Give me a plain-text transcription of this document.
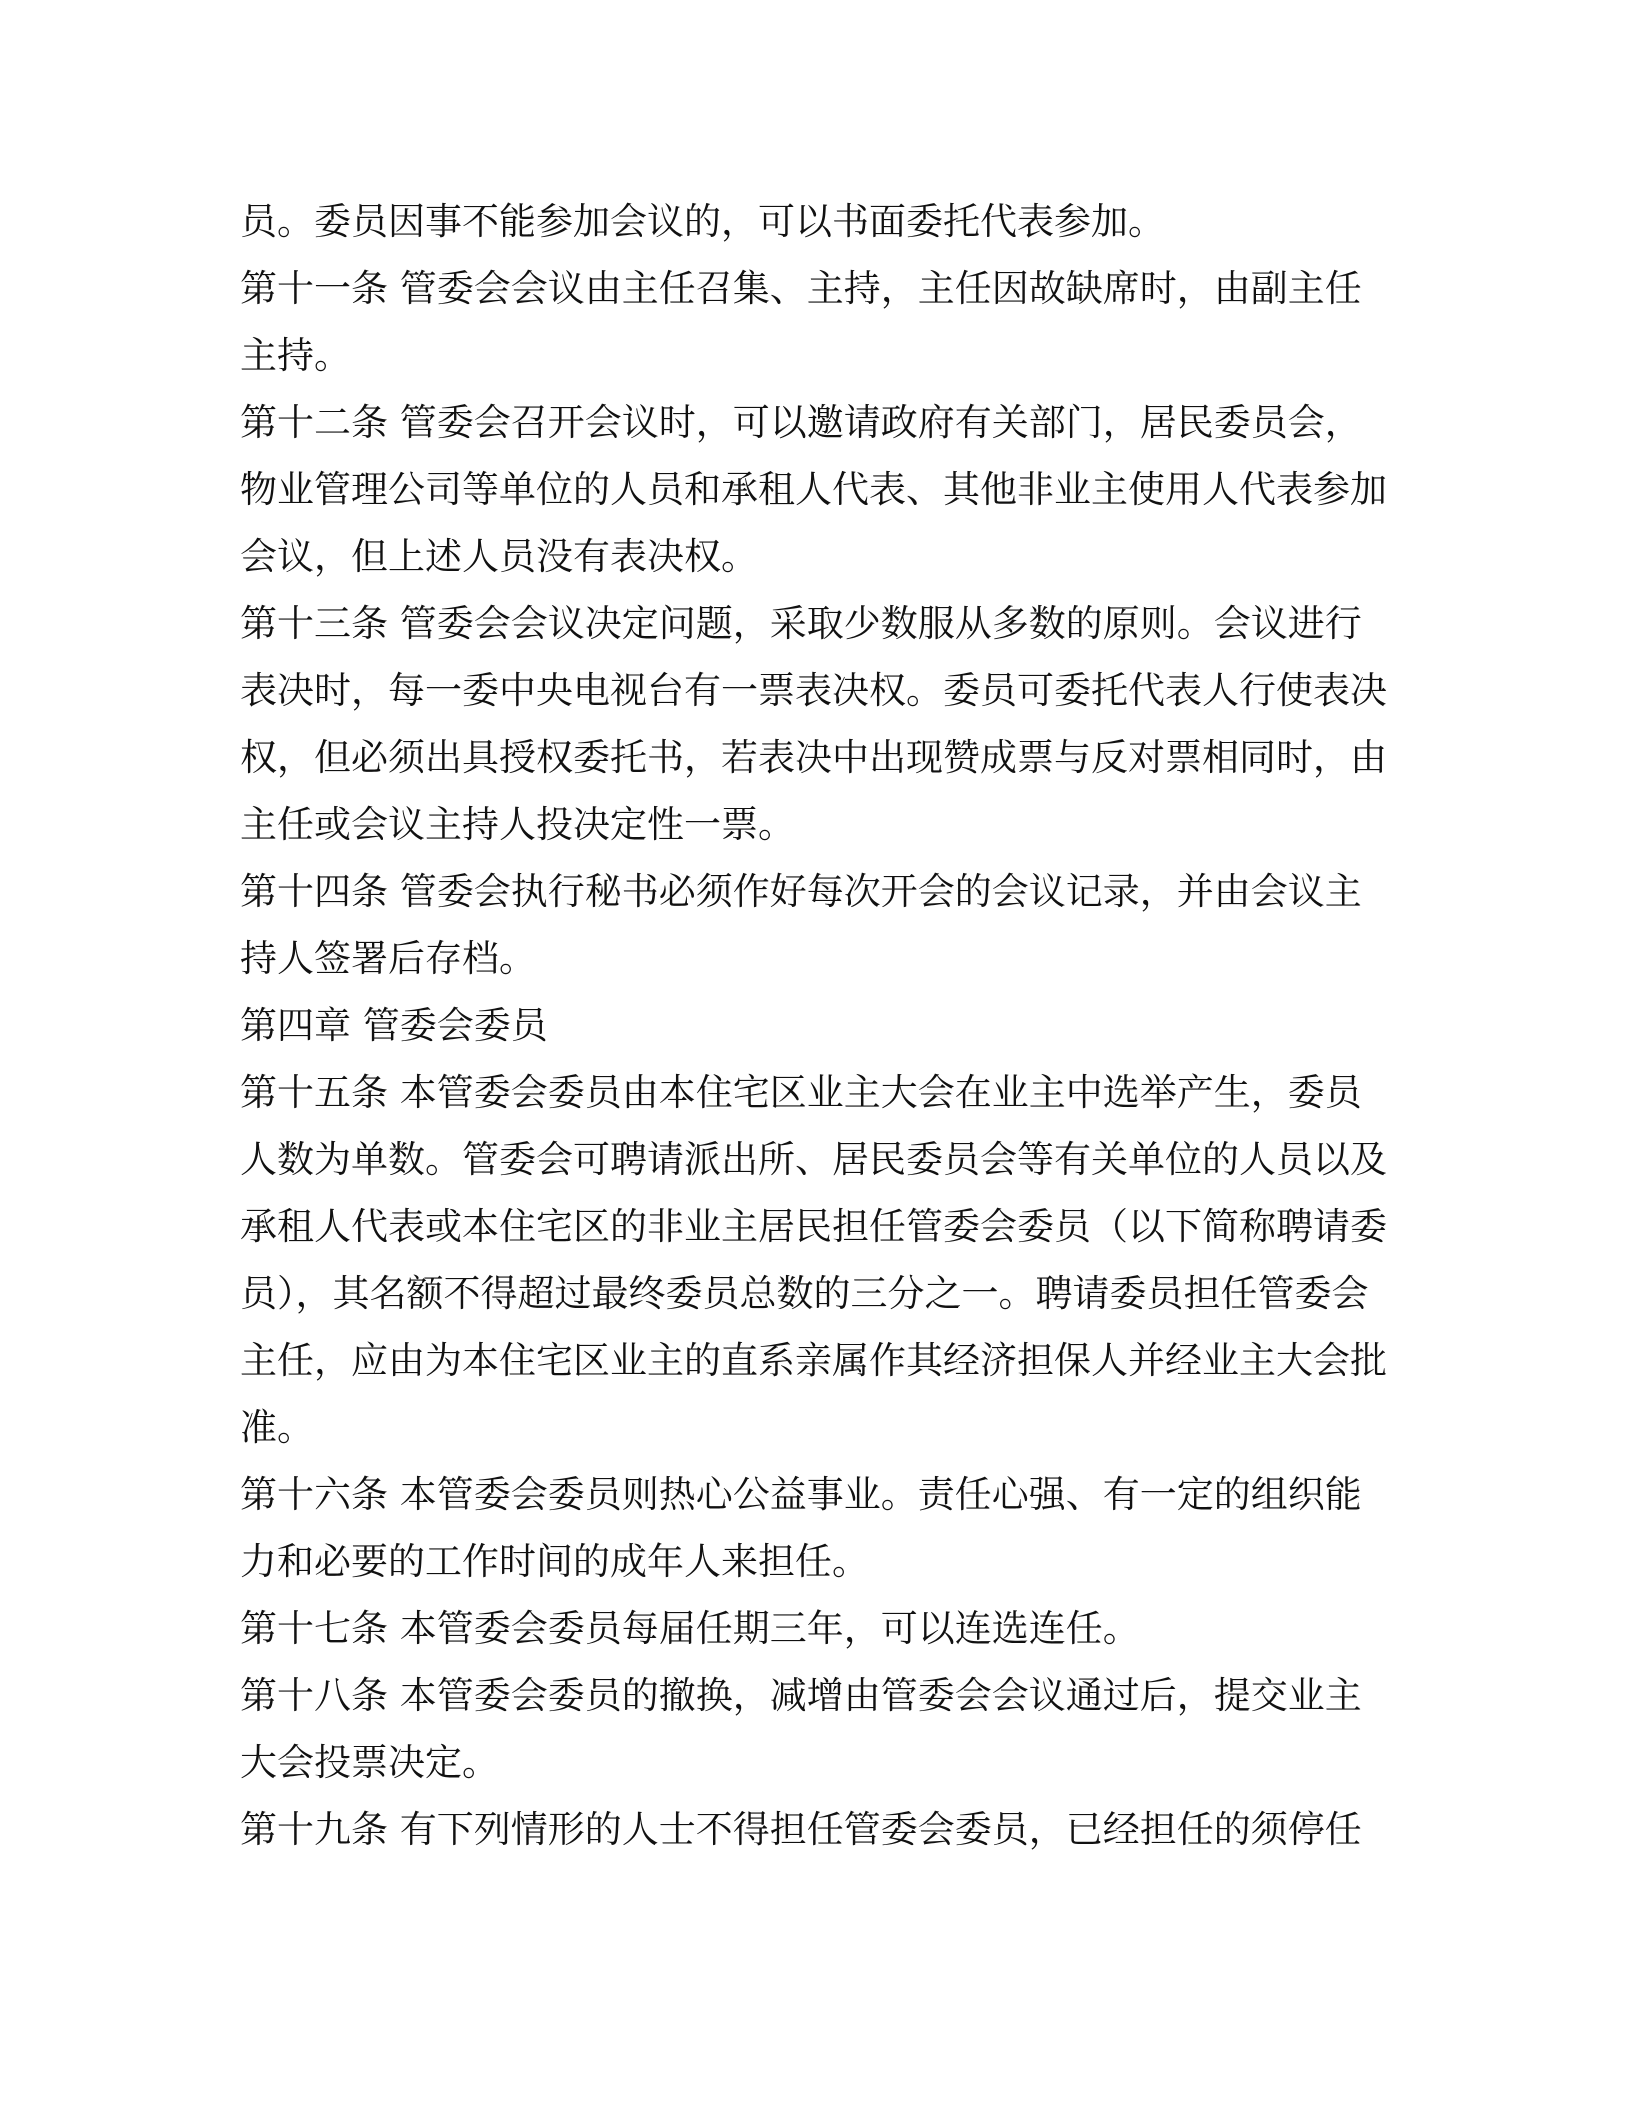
员。委员因事不能参加会议的，可以书面委托代表参加。
第十一条 管委会会议由主任召集、主持，主任因故缺席时，由副主任
主持。
第十二条 管委会召开会议时，可以邀请政府有关部门，居民委员会，
物业管理公司等单位的人员和承租人代表、其他非业主使用人代表参加
会议，但上述人员没有表决权。
第十三条 管委会会议决定问题，采取少数服从多数的原则。会议进行
表决时，每一委中央电视台有一票表决权。委员可委托代表人行使表决
权，但必须出具授权委托书，若表决中出现赞成票与反对票相同时，由
主任或会议主持人投决定性一票。
第十四条 管委会执行秘书必须作好每次开会的会议记录，并由会议主
持人签署后存档。
第四章 管委会委员
第十五条 本管委会委员由本住宅区业主大会在业主中选举产生，委员
人数为单数。管委会可聘请派出所、居民委员会等有关单位的人员以及
承租人代表或本住宅区的非业主居民担任管委会委员（以下简称聘请委
员），其名额不得超过最终委员总数的三分之一。聘请委员担任管委会
主任，应由为本住宅区业主的直系亲属作其经济担保人并经业主大会批
准。
第十六条 本管委会委员则热心公益事业。责任心强、有一定的组织能
力和必要的工作时间的成年人来担任。
第十七条 本管委会委员每届任期三年，可以连选连任。
第十八条 本管委会委员的撤换，减增由管委会会议通过后，提交业主
大会投票决定。
第十九条 有下列情形的人士不得担任管委会委员，已经担任的须停任
